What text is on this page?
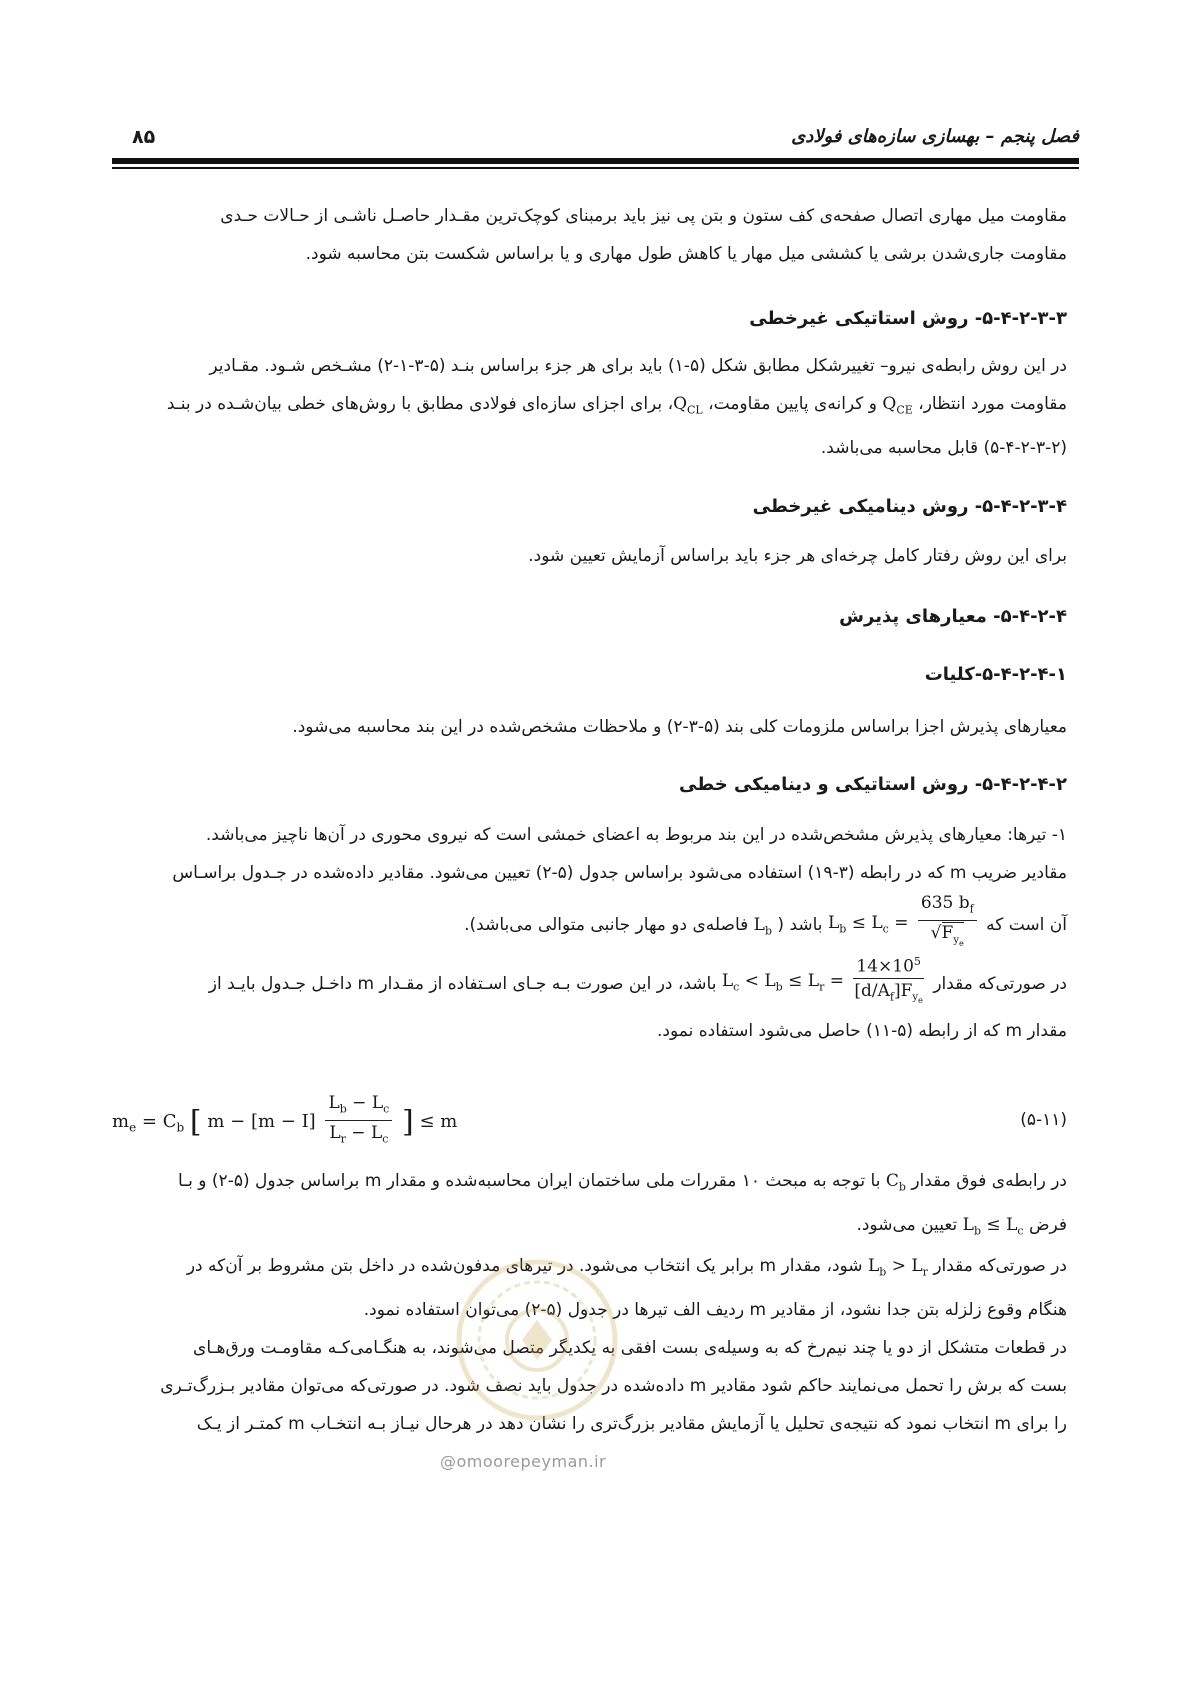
فصل پنجم – بهسازی سازه‌های فولادی
۸۵
مقاومت میل مهاری اتصال صفحه‌ی کف ستون و بتن پی نیز باید برمبنای کوچک‌ترین مقـدار حاصـل ناشـی از حـالات حـدی
مقاومت جاری‌شدن برشی یا کششی میل مهار یا کاهش طول مهاری و یا براساس شکست بتن محاسبه شود.
۵-۴-۲-۳-۳- روش استاتیکی غیرخطی
در این روش رابطه‌ی نیرو– تغییرشکل مطابق شکل (۵-۱) باید برای هر جزء براساس بنـد (۵-۳-۱-۲) مشـخص شـود. مقـادیر
مقاومت مورد انتظار، $Q_{CE}$ و کرانه‌ی پایین مقاومت، $Q_{CL}،$ برای اجزای سازه‌ای فولادی مطابق با روش‌های خطی بیان‌شـده در بنـد
(۵-۴-۲-۳-۲) قابل محاسبه می‌باشد.
۵-۴-۲-۳-۴- روش دینامیکی غیرخطی
برای این روش رفتار کامل چرخه‌ای هر جزء باید براساس آزمایش تعیین شود.
۵-۴-۲-۴- معیارهای پذیرش
۵-۴-۲-۴-۱-کلیات
معیارهای پذیرش اجزا براساس ملزومات کلی بند (۵-۳-۲) و ملاحظات مشخص‌شده در این بند محاسبه می‌شود.
۵-۴-۲-۴-۲- روش استاتیکی و دینامیکی خطی
۱- تیرها: معیارهای پذیرش مشخص‌شده در این بند مربوط به اعضای خمشی است که نیروی محوری در آن‌ها ناچیز می‌باشد.
مقادیر ضریب m که در رابطه (۳-۱۹) استفاده می‌شود براساس جدول (۵-۲) تعیین می‌شود. مقادیر داده‌شده در جـدول براسـاس
آن است که $L_b \le L_c = \frac{635 b_f}{√F_{y_e}}$
باشد ( $L_b$ فاصله‌ی دو مهار جانبی متوالی می‌باشد).
در صورتی‌که مقدار $L_c < L_b \le L_r = \frac{14\times 10^5}{[d/A_f]F_{y_e}}$
باشد، در این صورت بـه جـای اسـتفاده از مقـدار m داخـل جـدول بایـد از
مقدار m که از رابطه (۵-۱۱) حاصل می‌شود استفاده نمود.
$m_e = C_b$ [ $m - [m - I] \frac{L_b - L_c}{L_r - L_c}$ ] ≤ m	(۵-۱۱)
در رابطه‌ی فوق مقدار $C_b$ با توجه به مبحث ۱۰ مقررات ملی ساختمان ایران محاسبه‌شده و مقدار m براساس جدول (۵-۲) و بـا
فرض $L_b \le L_c$ تعیین می‌شود.
در صورتی‌که مقدار $L_b > L_r$ شود، مقدار m برابر یک انتخاب می‌شود. در تیرهای مدفون‌شده در داخل بتن مشروط بر آن‌که در
هنگام وقوع زلزله بتن جدا نشود، از مقادیر m ردیف الف تیرها در جدول (۵-۲) می‌توان استفاده نمود.
در قطعات متشکل از دو یا چند نیم‌رخ که به وسیله‌ی بست افقی به یکدیگر متصل می‌شوند، به هنگـامی‌کـه مقاومـت ورق‌هـای
بست که برش را تحمل می‌نمایند حاکم شود مقادیر m داده‌شده در جدول باید نصف شود. در صورتی‌که می‌توان مقادیر بـزرگ‌تـری
را برای m انتخاب نمود که نتیجه‌ی تحلیل یا آزمایش مقادیر بزرگ‌تری را نشان دهد در هرحال نیـاز بـه انتخـاب m کمتـر از یـک
@omoorepeyman.ir
